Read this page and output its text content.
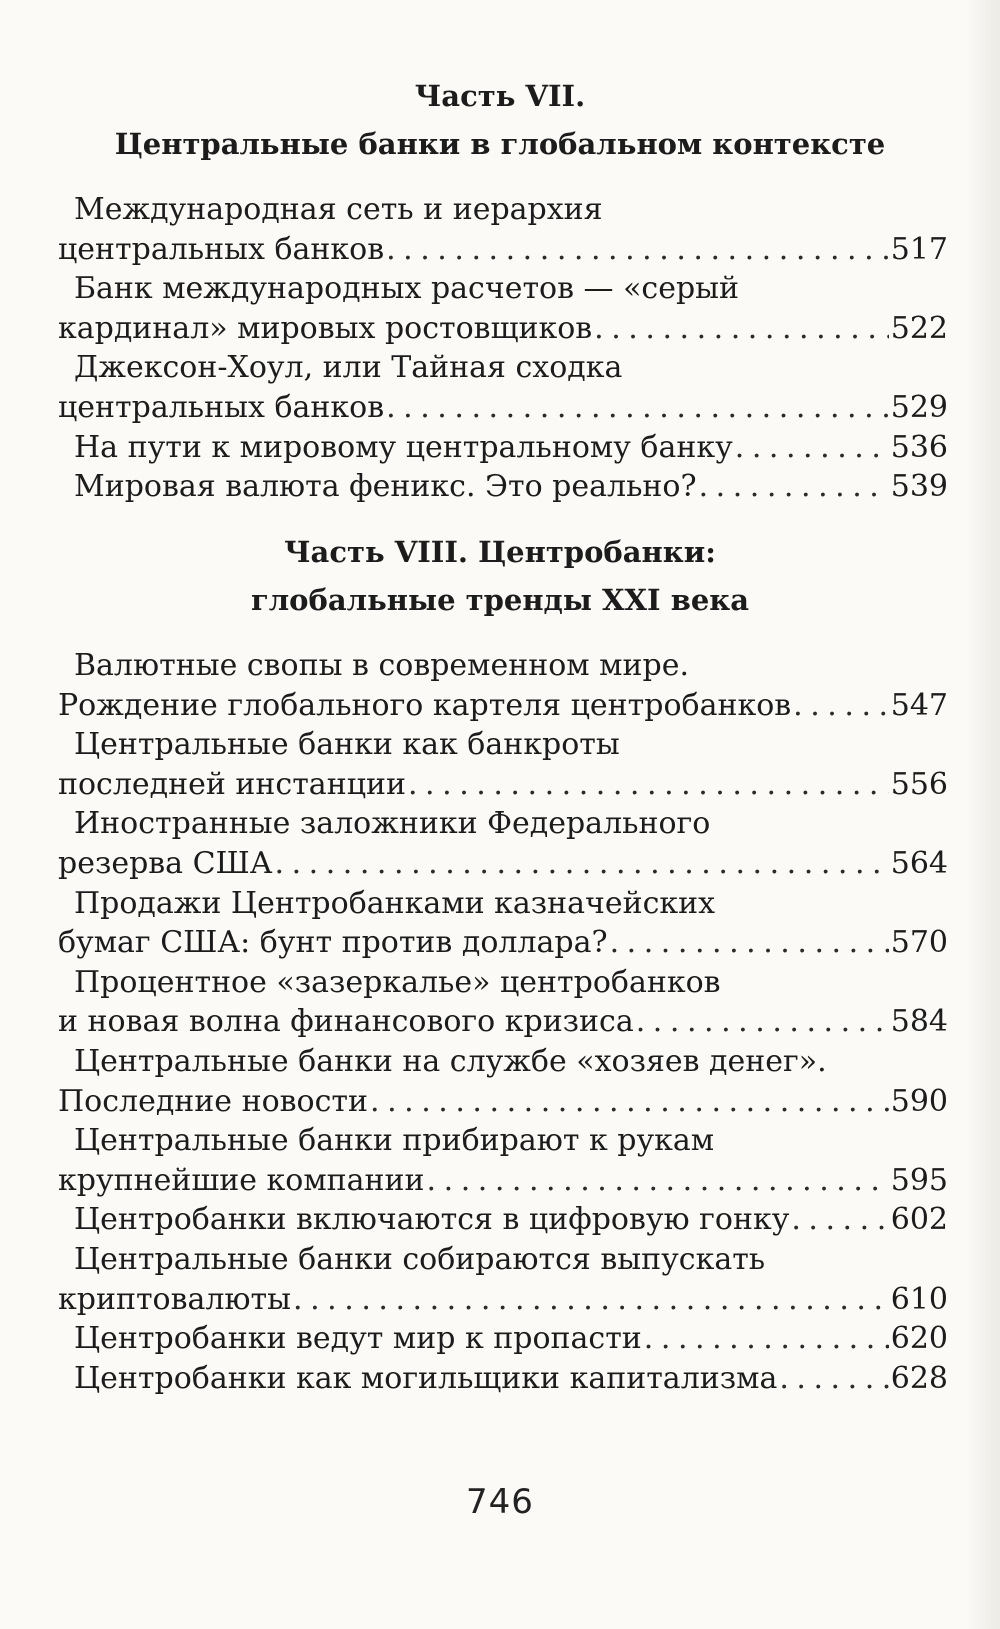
Часть VII.
Центральные банки в глобальном контексте
Международная сеть и иерархия
центральных банков . . .	517
Банк международных расчетов — «серый
кардинал» мировых ростовщиков . . .	522
Джексон-Хоул, или Тайная сходка
центральных банков . . .	529
На пути к мировому центральному банку . . .	536
Мировая валюта феникс. Это реально? . . .	539
Часть VIII. Центробанки:
глобальные тренды XXI века
Валютные свопы в современном мире.
Рождение глобального картеля центробанков . . .	547
Центральные банки как банкроты
последней инстанции . . .	556
Иностранные заложники Федерального
резерва США . . .	564
Продажи Центробанками казначейских
бумаг США: бунт против доллара? . . .	570
Процентное «зазеркалье» центробанков
и новая волна финансового кризиса . . .	584
Центральные банки на службе «хозяев денег».
Последние новости . . .	590
Центральные банки прибирают к рукам
крупнейшие компании . . .	595
Центробанки включаются в цифровую гонку . . .	602
Центральные банки собираются выпускать
криптовалюты . . .	610
Центробанки ведут мир к пропасти . . .	620
Центробанки как могильщики капитализма . . .	628
746
